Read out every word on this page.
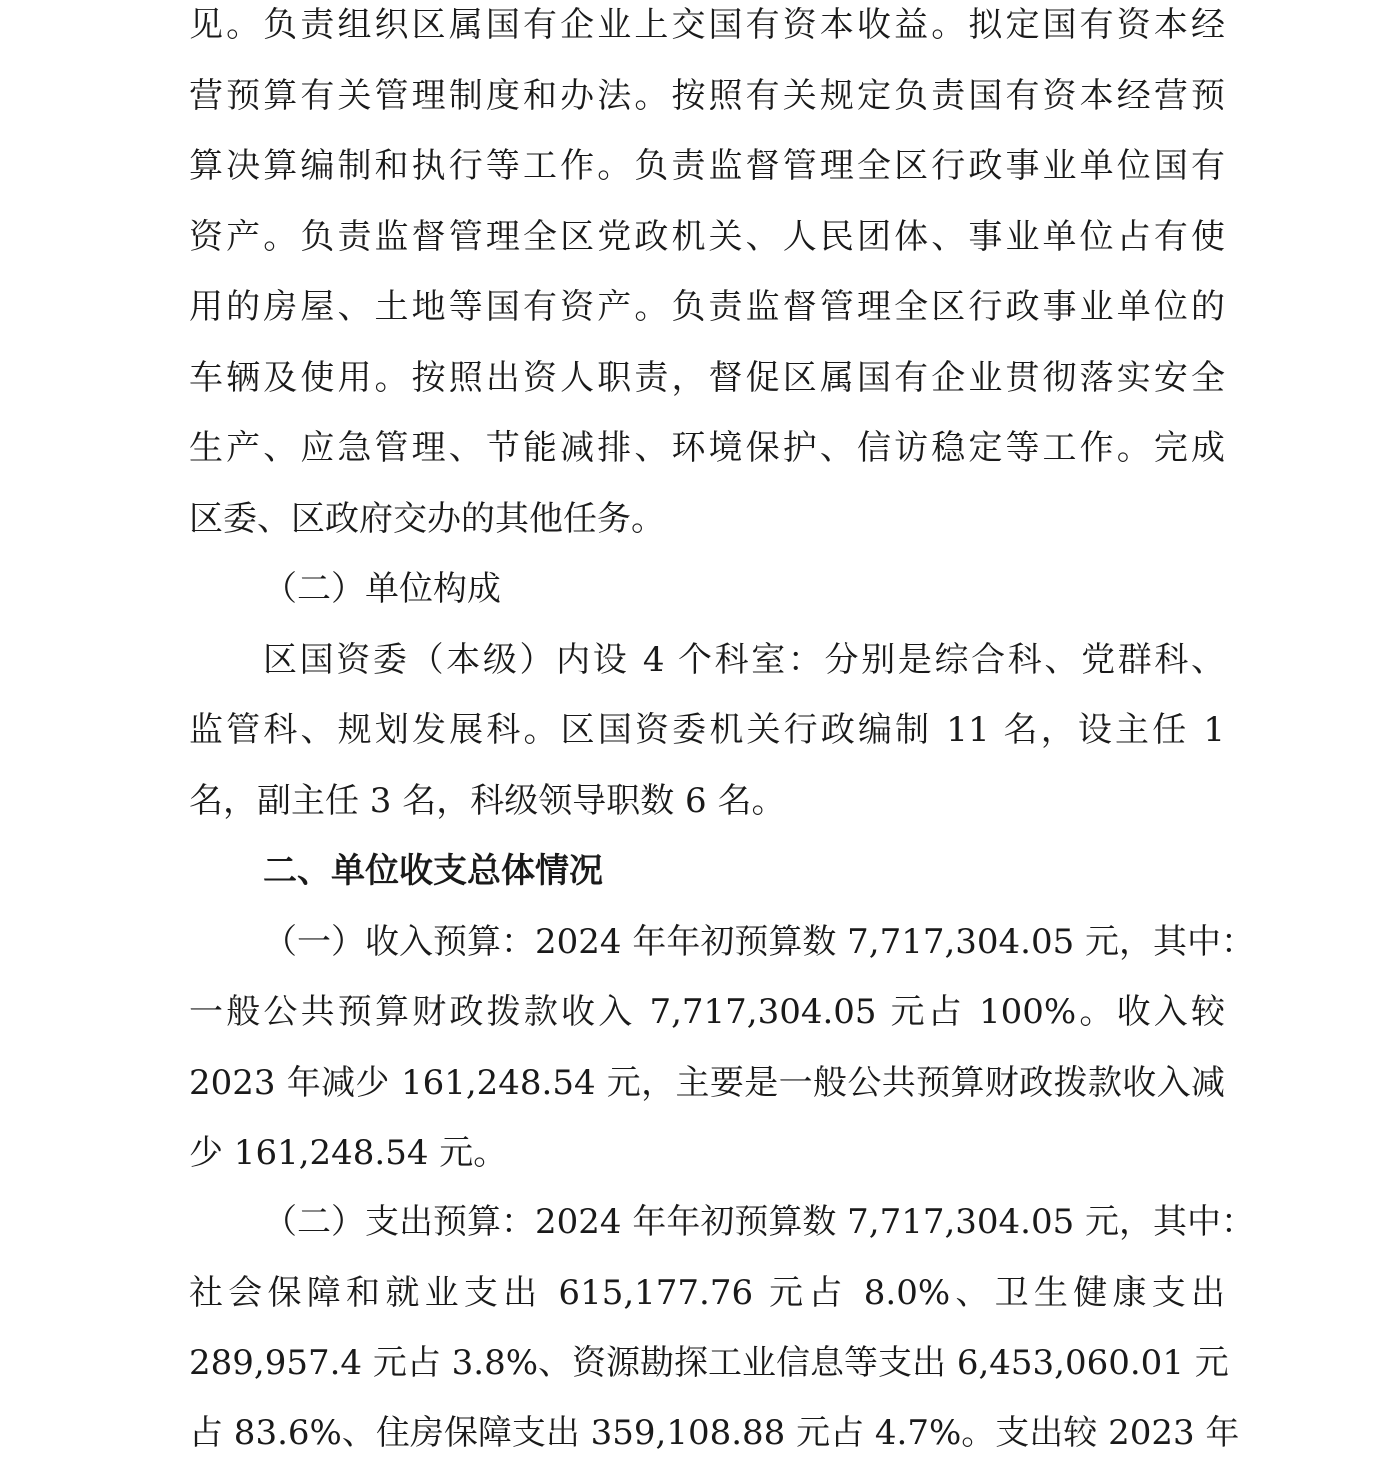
见。负责组织区属国有企业上交国有资本收益。拟定国有资本经
营预算有关管理制度和办法。按照有关规定负责国有资本经营预
算决算编制和执行等工作。负责监督管理全区行政事业单位国有
资产。负责监督管理全区党政机关、人民团体、事业单位占有使
用的房屋、土地等国有资产。负责监督管理全区行政事业单位的
车辆及使用。按照出资人职责，督促区属国有企业贯彻落实安全
生产、应急管理、节能减排、环境保护、信访稳定等工作。完成
区委、区政府交办的其他任务。
（二）单位构成
区国资委（本级）内设 4 个科室：分别是综合科、党群科、
监管科、规划发展科。区国资委机关行政编制 11 名，设主任 1
名，副主任 3 名，科级领导职数 6 名。
二、单位收支总体情况
（一）收入预算：2024 年年初预算数 7,717,304.05 元，其中：
一般公共预算财政拨款收入 7,717,304.05 元占 100%。收入较
2023 年减少 161,248.54 元，主要是一般公共预算财政拨款收入减
少 161,248.54 元。
（二）支出预算：2024 年年初预算数 7,717,304.05 元，其中：
社会保障和就业支出 615,177.76 元占 8.0%、卫生健康支出
289,957.4 元占 3.8%、资源勘探工业信息等支出 6,453,060.01 元
占 83.6%、住房保障支出 359,108.88 元占 4.7%。支出较 2023 年
